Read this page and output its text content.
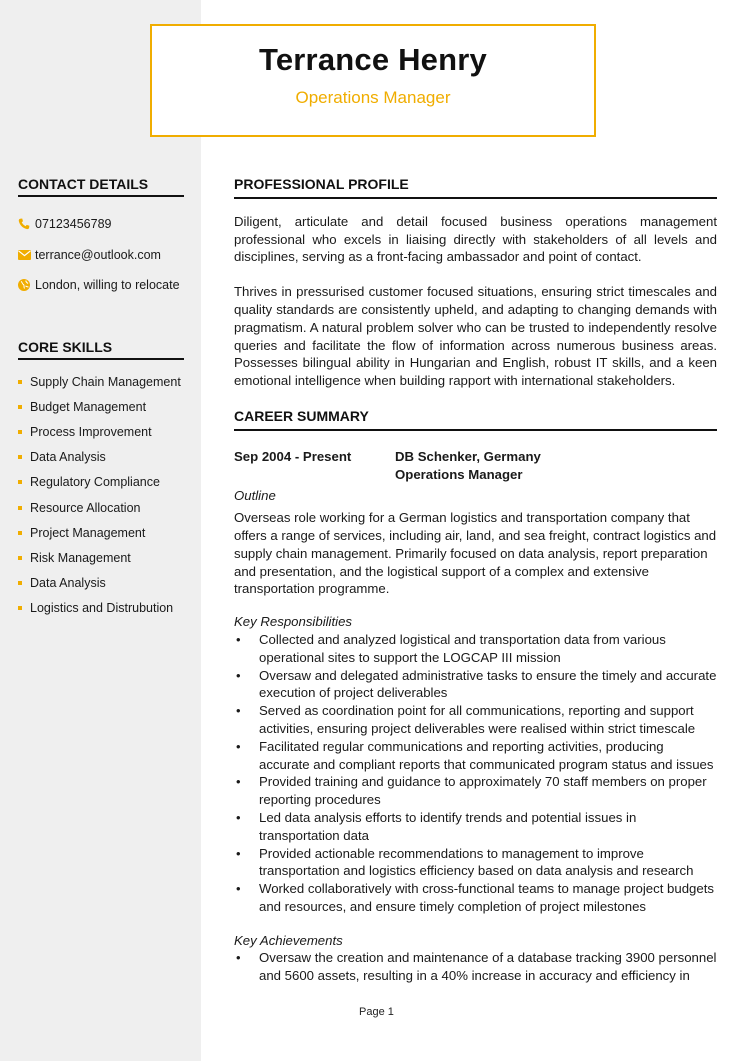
Terrance Henry
Operations Manager
CONTACT DETAILS
07123456789
terrance@outlook.com
London, willing to relocate
CORE SKILLS
Supply Chain Management
Budget Management
Process Improvement
Data Analysis
Regulatory Compliance
Resource Allocation
Project Management
Risk Management
Data Analysis
Logistics and Distrubution
PROFESSIONAL PROFILE

Diligent, articulate and detail focused business operations management professional who excels in liaising directly with stakeholders of all levels and disciplines, serving as a front-facing ambassador and point of contact.

Thrives in pressurised customer focused situations, ensuring strict timescales and quality standards are consistently upheld, and adapting to changing demands with pragmatism. A natural problem solver who can be trusted to independently resolve queries and facilitate the flow of information across numerous business areas. Possesses bilingual ability in Hungarian and English, robust IT skills, and a keen emotional intelligence when building rapport with international stakeholders.

CAREER SUMMARY
Sep 2004 - Present	DB Schenker, Germany
Operations Manager

Outline

Overseas role working for a German logistics and transportation company that offers a range of services, including air, land, and sea freight, contract logistics and supply chain management. Primarily focused on data analysis, report preparation and presentation, and the logistical support of a complex and extensive transportation programme.

Key Responsibilities

• Collected and analyzed logistical and transportation data from various operational sites to support the LOGCAP III mission
• Oversaw and delegated administrative tasks to ensure the timely and accurate execution of project deliverables
• Served as coordination point for all communications, reporting and support activities, ensuring project deliverables were realised within strict timescale
• Facilitated regular communications and reporting activities, producing accurate and compliant reports that communicated program status and issues
• Provided training and guidance to approximately 70 staff members on proper reporting procedures
• Led data analysis efforts to identify trends and potential issues in transportation data
• Provided actionable recommendations to management to improve transportation and logistics efficiency based on data analysis and research
• Worked collaboratively with cross-functional teams to manage project budgets and resources, and ensure timely completion of project milestones

Key Achievements

• Oversaw the creation and maintenance of a database tracking 3900 personnel and 5600 assets, resulting in a 40% increase in accuracy and efficiency in
Page 1
